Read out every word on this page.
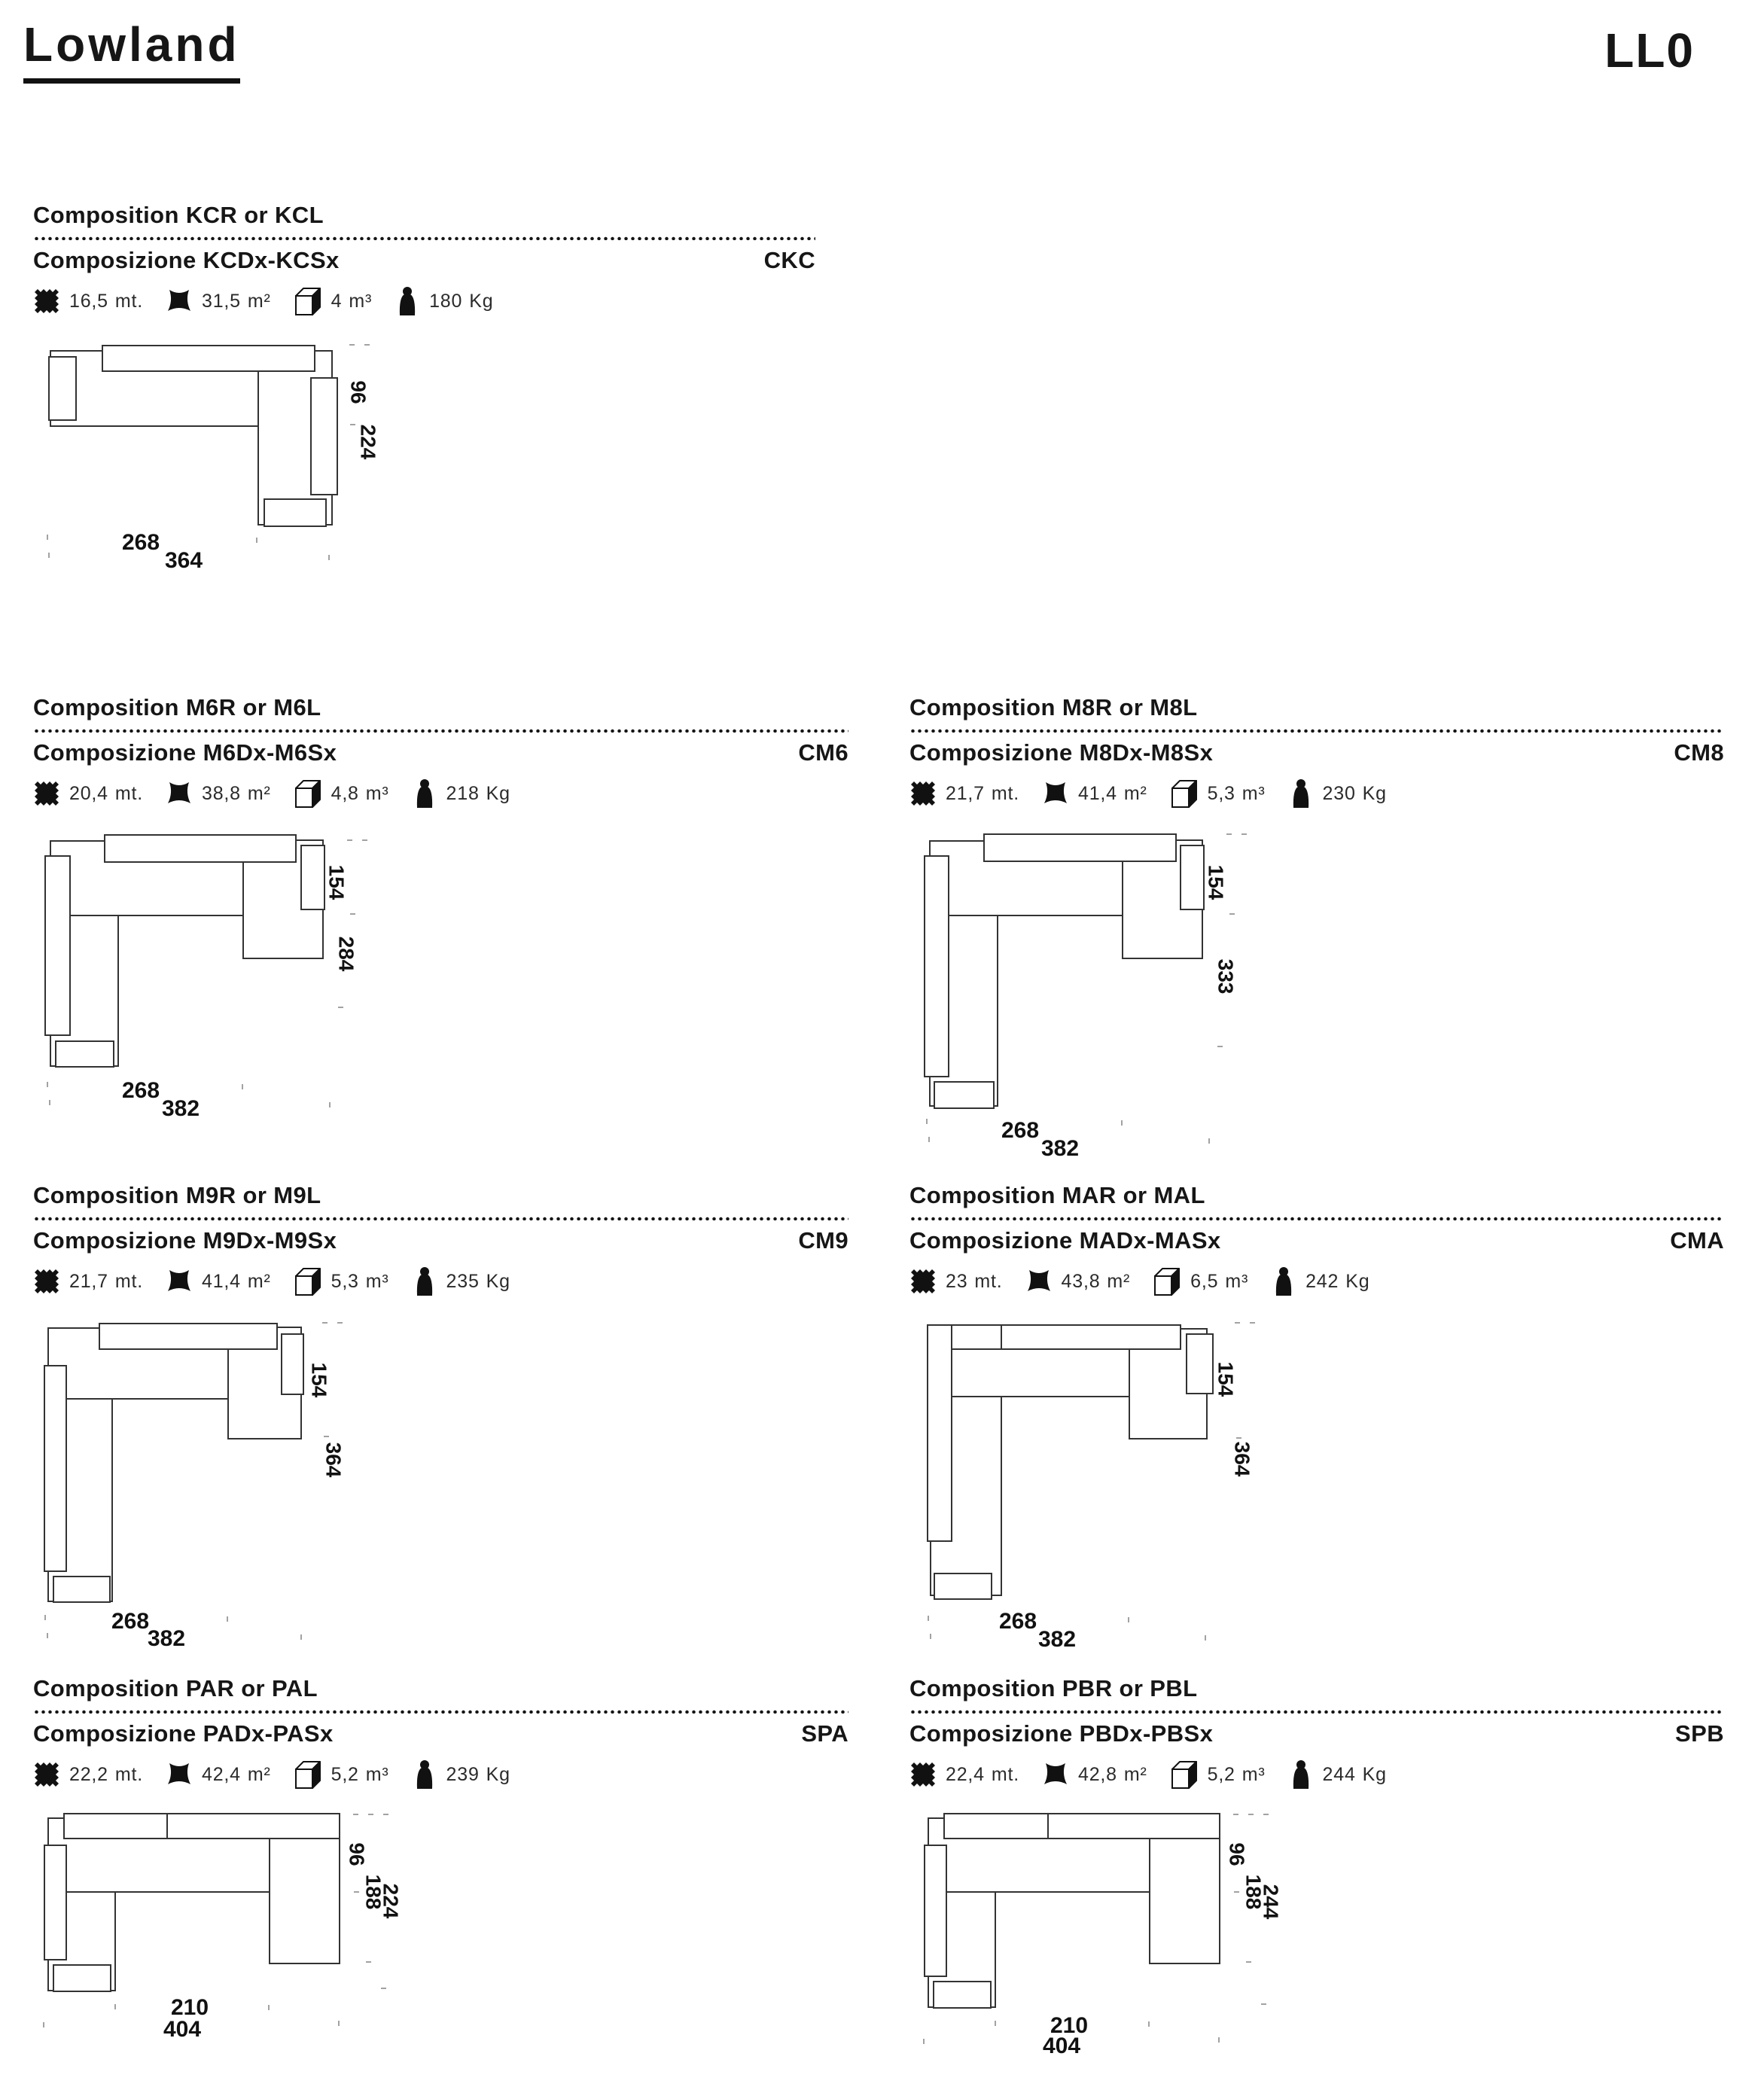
Lowland	LL0
Composition KCR or KCL
Composizione KCDx-KCSx	CKC
16,5 mt.	31,5 m²	4 m³	180 Kg
96
224
268
364
Composition M6R or M6L
Composizione M6Dx-M6Sx	CM6
20,4 mt.	38,8 m²	4,8 m³	218 Kg
154
284
268
382
Composition M8R or M8L
Composizione M8Dx-M8Sx	CM8
21,7 mt.	41,4 m²	5,3 m³	230 Kg
154
333
268
382
Composition M9R or M9L
Composizione M9Dx-M9Sx	CM9
21,7 mt.	41,4 m²	5,3 m³	235 Kg
154
364
268
382
Composition MAR or MAL
Composizione MADx-MASx	CMA
23 mt.	43,8 m²	6,5 m³	242 Kg
154
364
268
382
Composition PAR or PAL
Composizione PADx-PASx	SPA
22,2 mt.	42,4 m²	5,2 m³	239 Kg
96
188
224
210
404
Composition PBR or PBL
Composizione PBDx-PBSx	SPB
22,4 mt.	42,8 m²	5,2 m³	244 Kg
96
188
244
210
404
